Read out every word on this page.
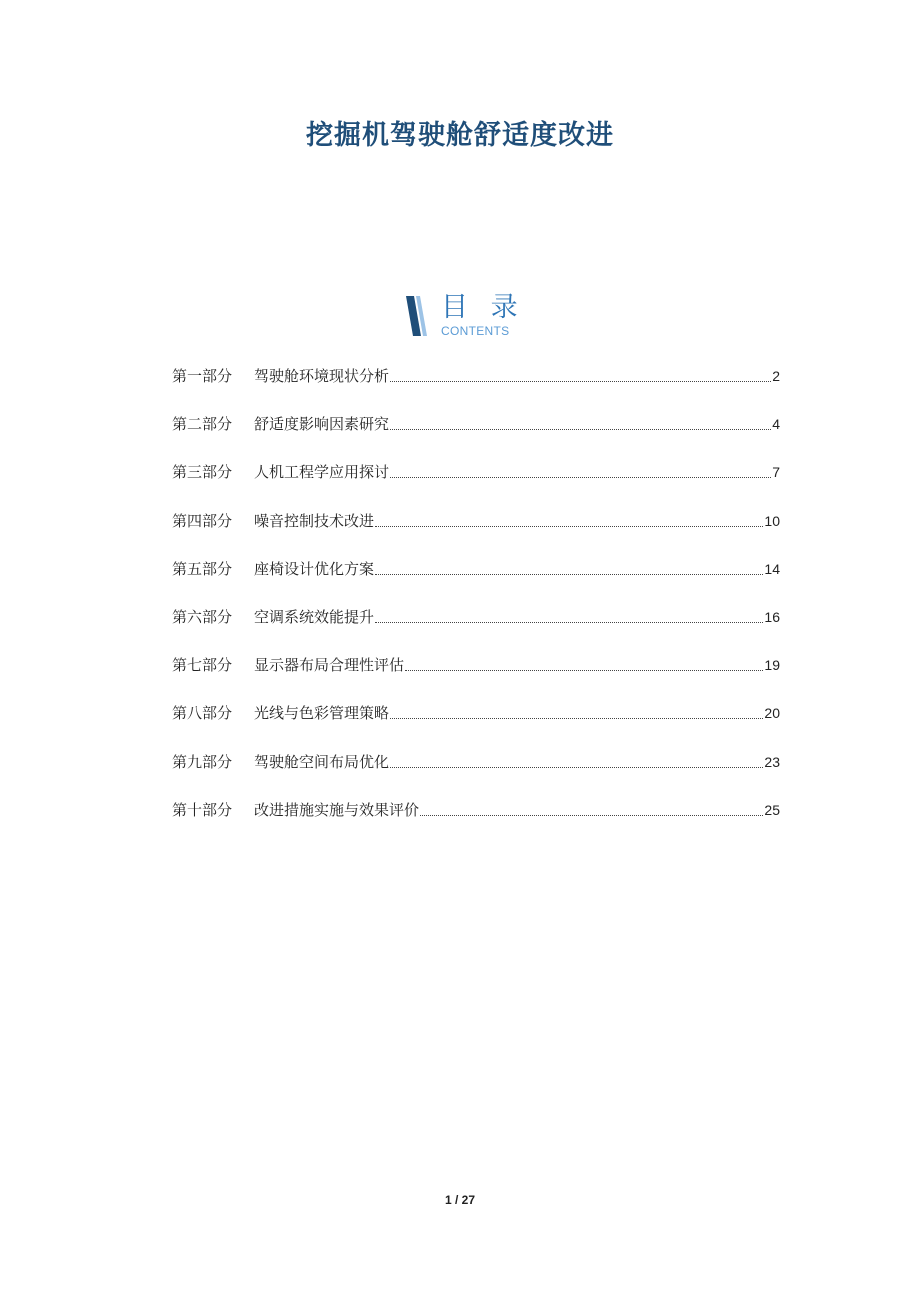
挖掘机驾驶舱舒适度改进
目 录
CONTENTS
第一部分	驾驶舱环境现状分析	2
第二部分	舒适度影响因素研究	4
第三部分	人机工程学应用探讨	7
第四部分	噪音控制技术改进	10
第五部分	座椅设计优化方案	14
第六部分	空调系统效能提升	16
第七部分	显示器布局合理性评估	19
第八部分	光线与色彩管理策略	20
第九部分	驾驶舱空间布局优化	23
第十部分	改进措施实施与效果评价	25
1 / 27
